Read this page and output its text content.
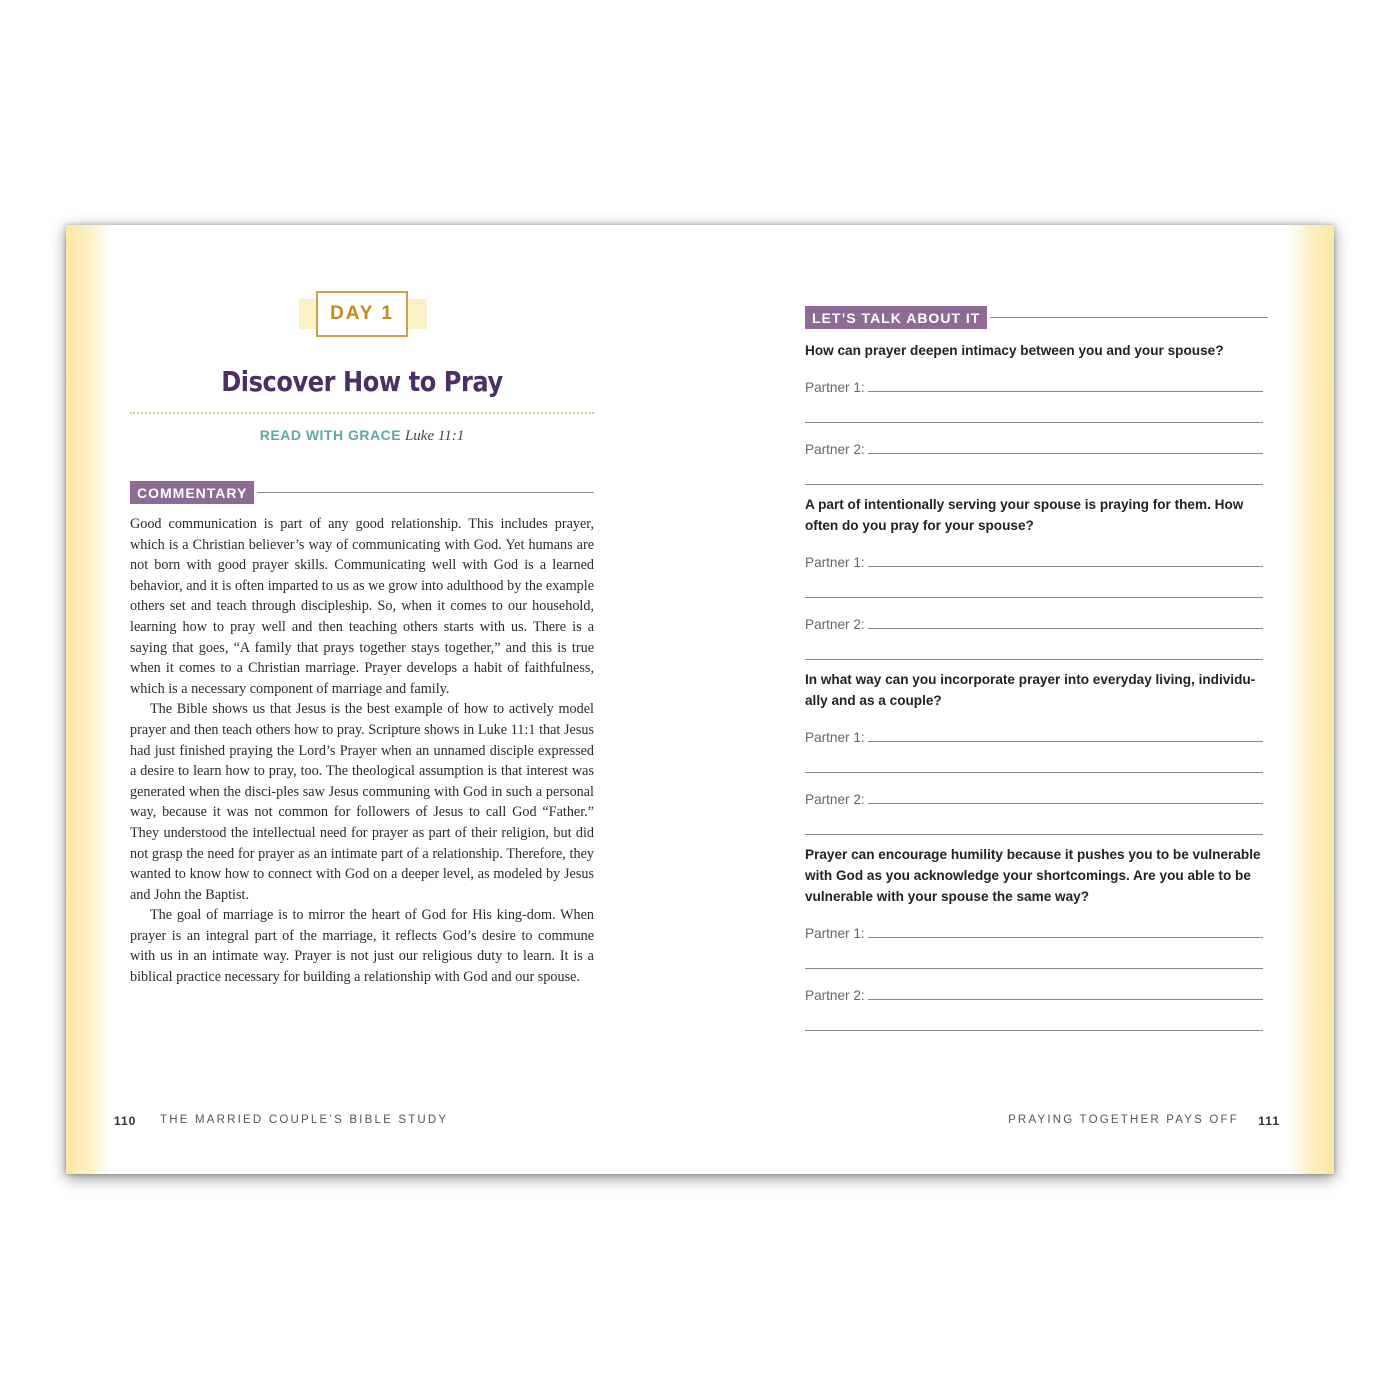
DAY 1
Discover How to Pray
READ WITH GRACE Luke 11:1
COMMENTARY

Good communication is part of any good relationship. This includes prayer, which is a Christian believer’s way of communicating with God. Yet humans are not born with good prayer skills. Communicating well with God is a learned behavior, and it is often imparted to us as we grow into adulthood by the example others set and teach through discipleship. So, when it comes to our household, learning how to pray well and then teaching others starts with us. There is a saying that goes, “A family that prays together stays together,” and this is true when it comes to a Christian marriage. Prayer develops a habit of faithfulness, which is a necessary component of marriage and family.

The Bible shows us that Jesus is the best example of how to actively model prayer and then teach others how to pray. Scripture shows in Luke 11:1 that Jesus had just finished praying the Lord’s Prayer when an unnamed disciple expressed a desire to learn how to pray, too. The theological assumption is that interest was generated when the disci-ples saw Jesus communing with God in such a personal way, because it was not common for followers of Jesus to call God “Father.” They understood the intellectual need for prayer as part of their religion, but did not grasp the need for prayer as an intimate part of a relationship. Therefore, they wanted to know how to connect with God on a deeper level, as modeled by Jesus and John the Baptist.

The goal of marriage is to mirror the heart of God for His king-dom. When prayer is an integral part of the marriage, it reflects God’s desire to commune with us in an intimate way. Prayer is not just our religious duty to learn. It is a biblical practice necessary for building a relationship with God and our spouse.

110 THE MARRIED COUPLE’S BIBLE STUDY
LET’S TALK ABOUT IT

How can prayer deepen intimacy between you and your spouse?

Partner 1:
Partner 2:

A part of intentionally serving your spouse is praying for them. How often do you pray for your spouse?

Partner 1:
Partner 2:

In what way can you incorporate prayer into everyday living, individu-ally and as a couple?

Partner 1:
Partner 2:

Prayer can encourage humility because it pushes you to be vulnerable with God as you acknowledge your shortcomings. Are you able to be vulnerable with your spouse the same way?

Partner 1:
Partner 2:
PRAYING TOGETHER PAYS OFF 111
